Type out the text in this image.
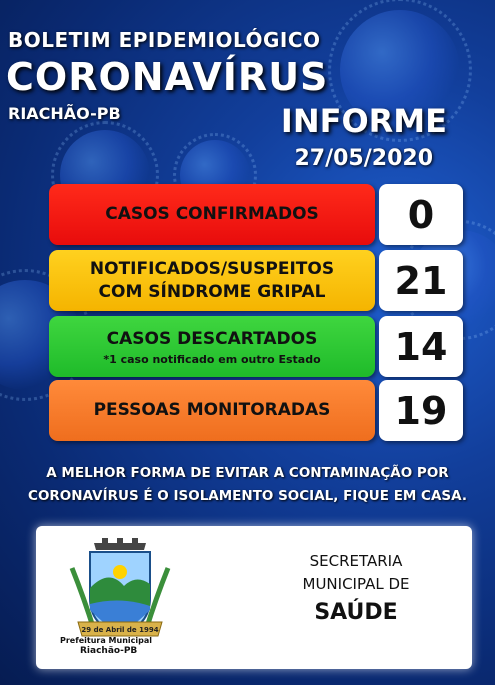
BOLETIM EPIDEMIOLÓGICO
CORONAVÍRUS
RIACHÃO-PB	INFORME
27/05/2020
CASOS CONFIRMADOS	0
NOTIFICADOS/SUSPEITOS
COM SÍNDROME GRIPAL	21
CASOS DESCARTADOS
*1 caso notificado em outro Estado	14
PESSOAS MONITORADAS	19
A MELHOR FORMA DE EVITAR A CONTAMINAÇÃO POR
CORONAVÍRUS É O ISOLAMENTO SOCIAL, FIQUE EM CASA.
29 de Abril de 1994
Prefeitura Municipal
Riachão-PB
SECRETARIA
MUNICIPAL DE
SAÚDE
